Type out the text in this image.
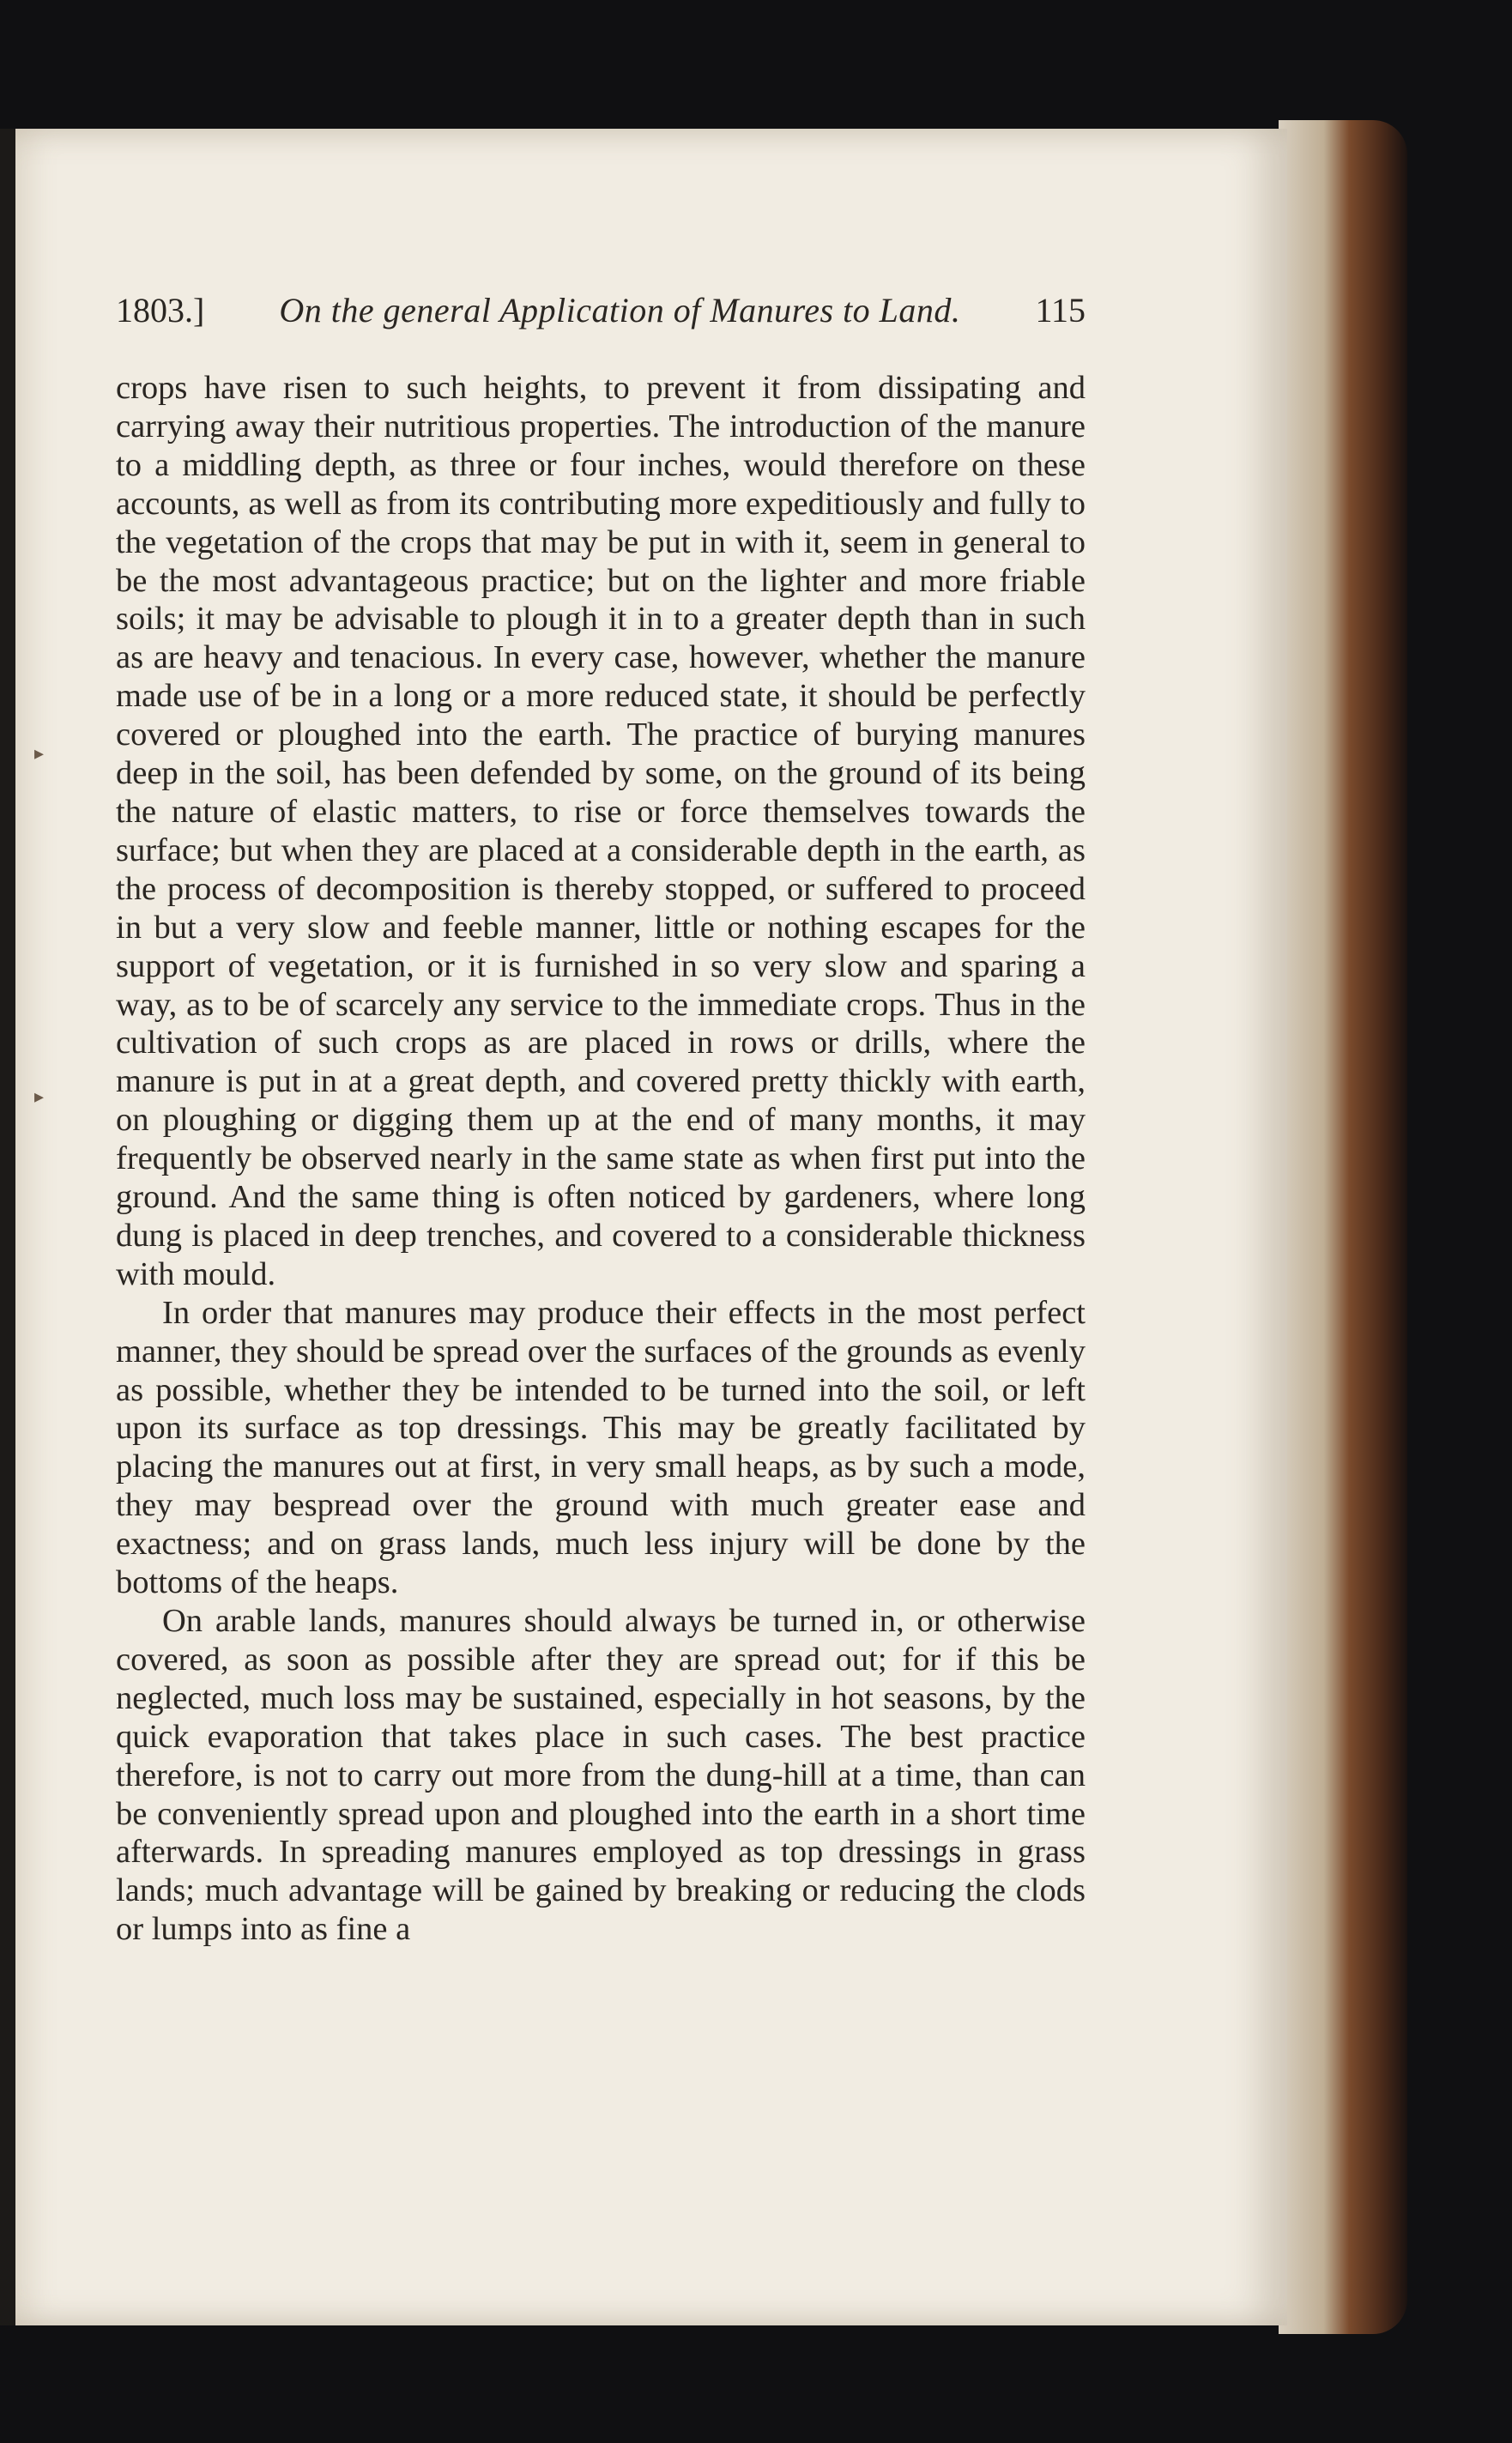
▸
▸
1803.] On the general Application of Manures to Land. 115

crops have risen to such heights, to prevent it from dissipating and carrying away their nutritious properties. The introduction of the manure to a middling depth, as three or four inches, would therefore on these accounts, as well as from its contributing more expeditiously and fully to the vegetation of the crops that may be put in with it, seem in general to be the most advantageous practice; but on the lighter and more friable soils; it may be advisable to plough it in to a greater depth than in such as are heavy and tenacious. In every case, however, whether the manure made use of be in a long or a more reduced state, it should be perfectly covered or ploughed into the earth. The practice of burying manures deep in the soil, has been defended by some, on the ground of its being the nature of elastic matters, to rise or force themselves towards the surface; but when they are placed at a considerable depth in the earth, as the process of decomposition is thereby stopped, or suffered to proceed in but a very slow and feeble manner, little or nothing escapes for the support of vegetation, or it is furnished in so very slow and sparing a way, as to be of scarcely any service to the immediate crops. Thus in the cultivation of such crops as are placed in rows or drills, where the manure is put in at a great depth, and covered pretty thickly with earth, on ploughing or digging them up at the end of many months, it may frequently be observed nearly in the same state as when first put into the ground. And the same thing is often noticed by gardeners, where long dung is placed in deep trenches, and covered to a considerable thickness with mould.

In order that manures may produce their effects in the most perfect manner, they should be spread over the surfaces of the grounds as evenly as possible, whether they be intended to be turned into the soil, or left upon its surface as top dressings. This may be greatly facilitated by placing the manures out at first, in very small heaps, as by such a mode, they may bespread over the ground with much greater ease and exactness; and on grass lands, much less injury will be done by the bottoms of the heaps.

On arable lands, manures should always be turned in, or otherwise covered, as soon as possible after they are spread out; for if this be neglected, much loss may be sustained, especially in hot seasons, by the quick evaporation that takes place in such cases. The best practice therefore, is not to carry out more from the dung-hill at a time, than can be conveniently spread upon and ploughed into the earth in a short time afterwards. In spreading manures employed as top dressings in grass lands; much advantage will be gained by breaking or reducing the clods or lumps into as fine a
